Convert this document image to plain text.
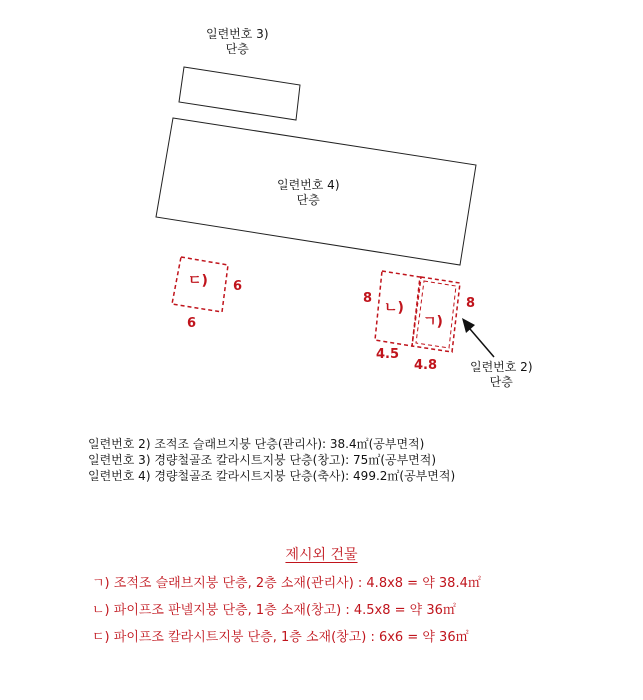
일련번호 3)
단층
일련번호 4)
단층
일련번호 2)
단층
ㄷ) 6
6
ㄴ)
8
4.5
ㄱ)
8
4.8
일련번호 2) 조적조 슬래브지붕 단층(관리사): 38.4㎡(공부면적)
일련번호 3) 경량철골조 칼라시트지붕 단층(창고): 75㎡(공부면적)
일련번호 4) 경량철골조 칼라시트지붕 단층(축사): 499.2㎡(공부면적)
제시외 건물
ㄱ) 조적조 슬래브지붕 단층, 2층 소재(관리사) : 4.8x8 = 약 38.4㎡
ㄴ) 파이프조 판넬지붕 단층, 1층 소재(창고) : 4.5x8 = 약 36㎡
ㄷ) 파이프조 칼라시트지붕 단층, 1층 소재(창고) : 6x6 = 약 36㎡
